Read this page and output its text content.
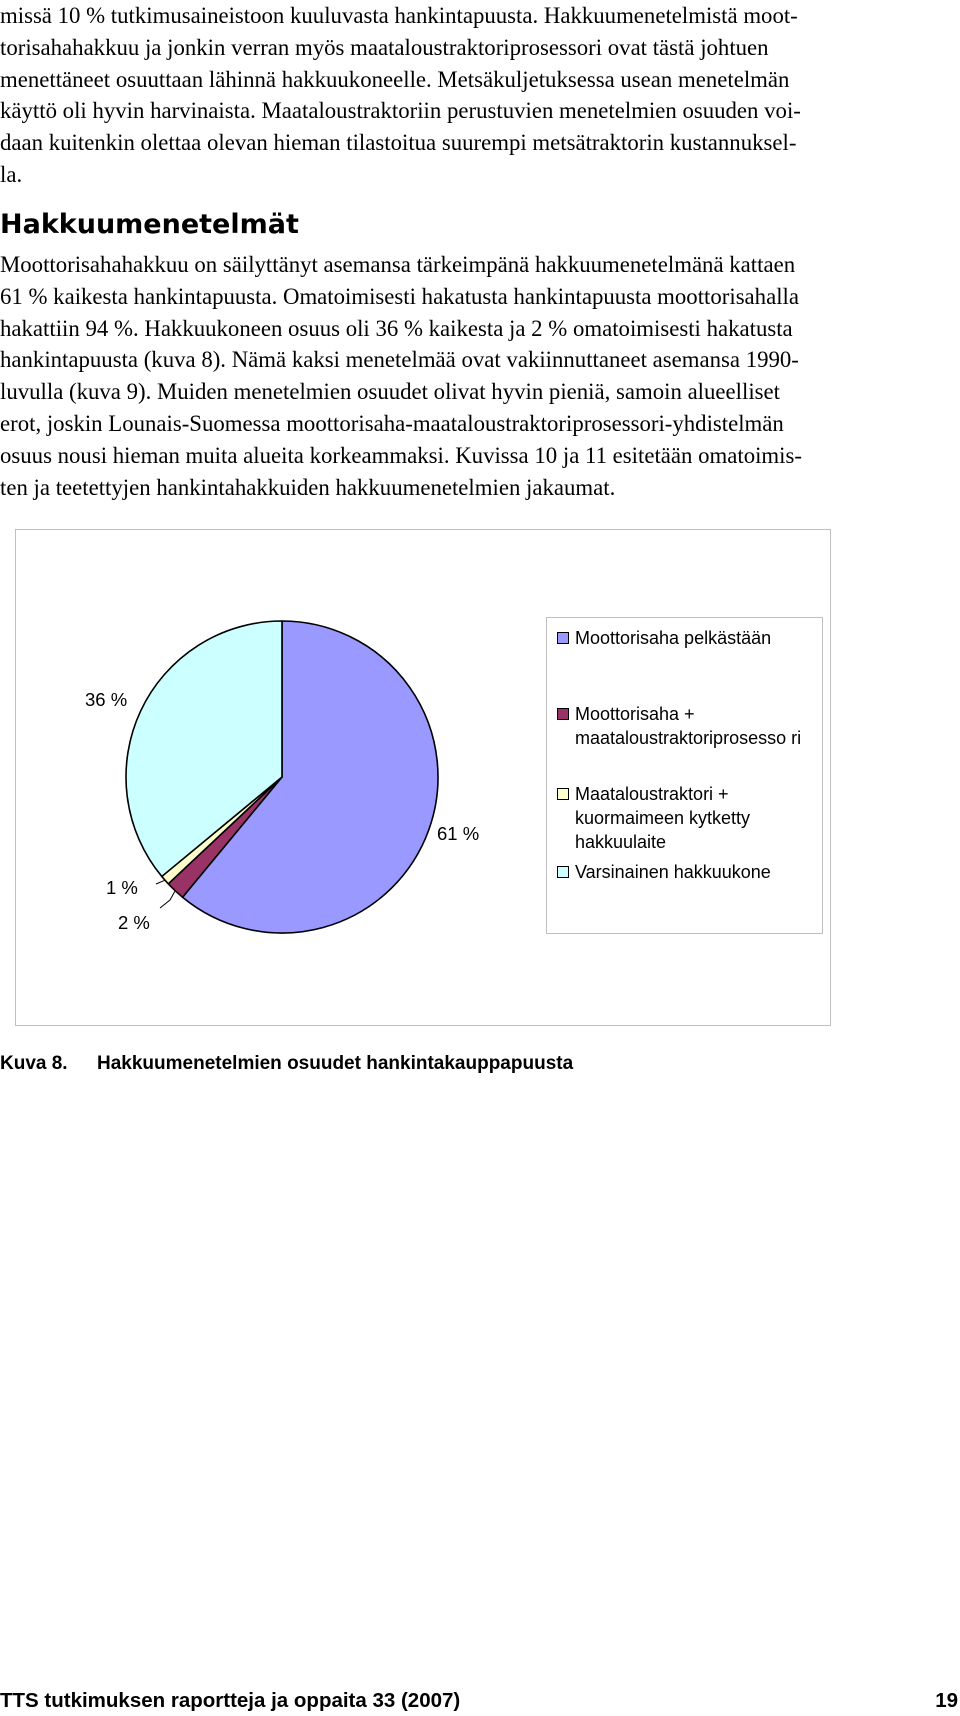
missä 10 % tutkimusaineistoon kuuluvasta hankintapuusta. Hakkuumenetelmistä moot-
torisahahakkuu ja jonkin verran myös maataloustraktoriprosessori ovat tästä johtuen
menettäneet osuuttaan lähinnä hakkuukoneelle. Metsäkuljetuksessa usean menetelmän
käyttö oli hyvin harvinaista. Maataloustraktoriin perustuvien menetelmien osuuden voi-
daan kuitenkin olettaa olevan hieman tilastoitua suurempi metsätraktorin kustannuksel-
la.
Hakkuumenetelmät
Moottorisahahakkuu on säilyttänyt asemansa tärkeimpänä hakkuumenetelmänä kattaen
61 % kaikesta hankintapuusta. Omatoimisesti hakatusta hankintapuusta moottorisahalla
hakattiin 94 %. Hakkuukoneen osuus oli 36 % kaikesta ja 2 % omatoimisesti hakatusta
hankintapuusta (kuva 8). Nämä kaksi menetelmää ovat vakiinnuttaneet asemansa 1990-
luvulla (kuva 9). Muiden menetelmien osuudet olivat hyvin pieniä, samoin alueelliset
erot, joskin Lounais-Suomessa moottorisaha-maataloustraktoriprosessori-yhdistelmän
osuus nousi hieman muita alueita korkeammaksi. Kuvissa 10 ja 11 esitetään omatoimis-
ten ja teetettyjen hankintahakkuiden hakkuumenetelmien jakaumat.
61 %
2 %
1 %
36 %
Moottorisaha pelkästään
Moottorisaha + maataloustraktoriprosesso ri
Maataloustraktori + kuormaimeen kytketty hakkuulaite
Varsinainen hakkuukone
Kuva 8. Hakkuumenetelmien osuudet hankintakauppapuusta
TTS tutkimuksen raportteja ja oppaita 33 (2007)	19
